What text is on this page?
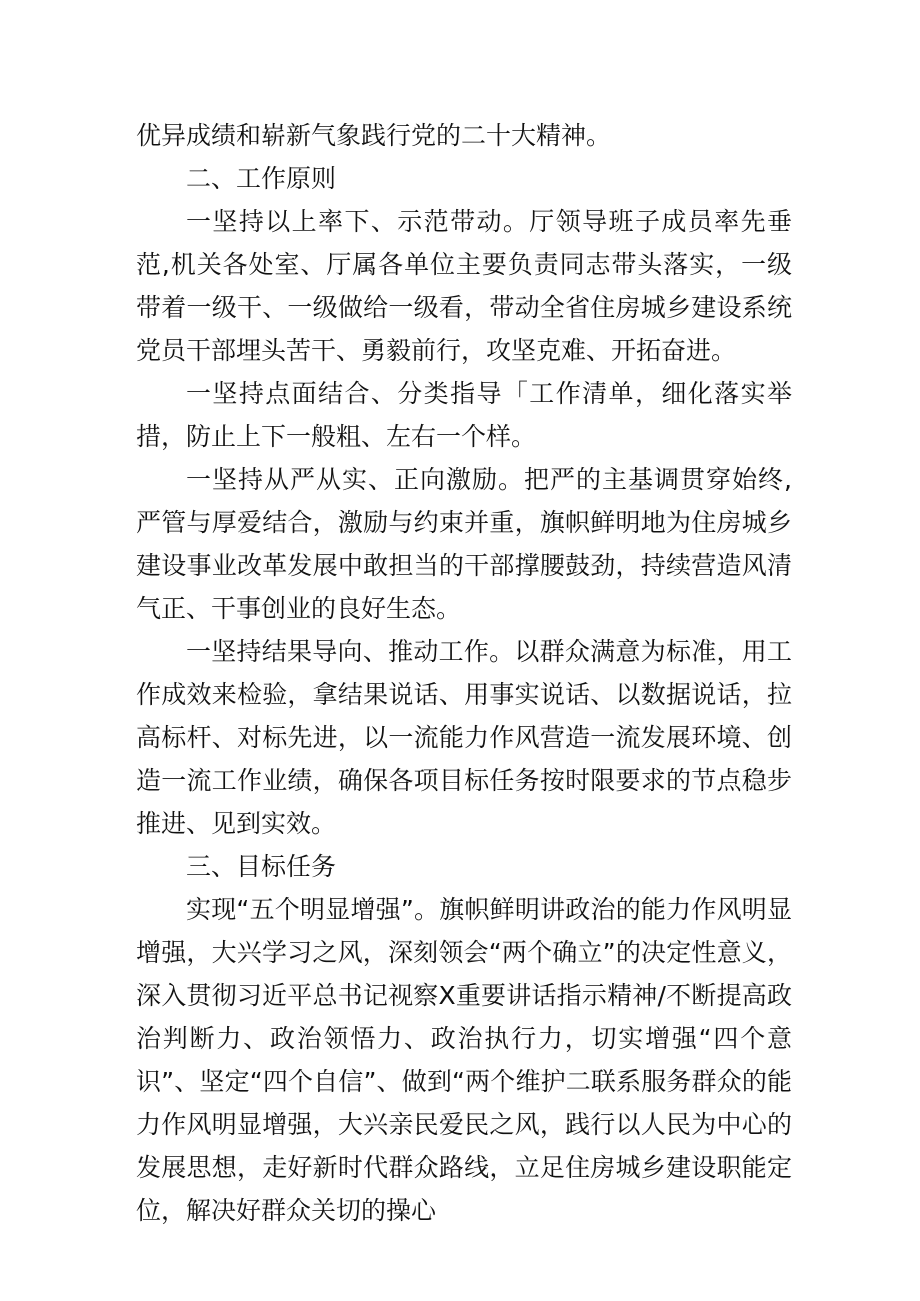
优异成绩和崭新气象践行党的二十大精神。

二、工作原则

一坚持以上率下、示范带动。厅领导班子成员率先垂范,机关各处室、厅属各单位主要负责同志带头落实，一级带着一级干、一级做给一级看，带动全省住房城乡建设系统党员干部埋头苦干、勇毅前行，攻坚克难、开拓奋进。

一坚持点面结合、分类指导「工作清单，细化落实举措，防止上下一般粗、左右一个样。

一坚持从严从实、正向激励。把严的主基调贯穿始终,严管与厚爱结合，激励与约束并重，旗帜鲜明地为住房城乡建设事业改革发展中敢担当的干部撑腰鼓劲，持续营造风清气正、干事创业的良好生态。

一坚持结果导向、推动工作。以群众满意为标准，用工作成效来检验，拿结果说话、用事实说话、以数据说话，拉高标杆、对标先进，以一流能力作风营造一流发展环境、创造一流工作业绩，确保各项目标任务按时限要求的节点稳步推进、见到实效。

三、目标任务

实现“五个明显增强”。旗帜鲜明讲政治的能力作风明显增强，大兴学习之风，深刻领会“两个确立”的决定性意义，深入贯彻习近平总书记视察X重要讲话指示精神/不断提高政治判断力、政治领悟力、政治执行力，切实增强“四个意识”、坚定“四个自信”、做到“两个维护二联系服务群众的能力作风明显增强，大兴亲民爱民之风，践行以人民为中心的发展思想，走好新时代群众路线，立足住房城乡建设职能定位，解决好群众关切的操心
